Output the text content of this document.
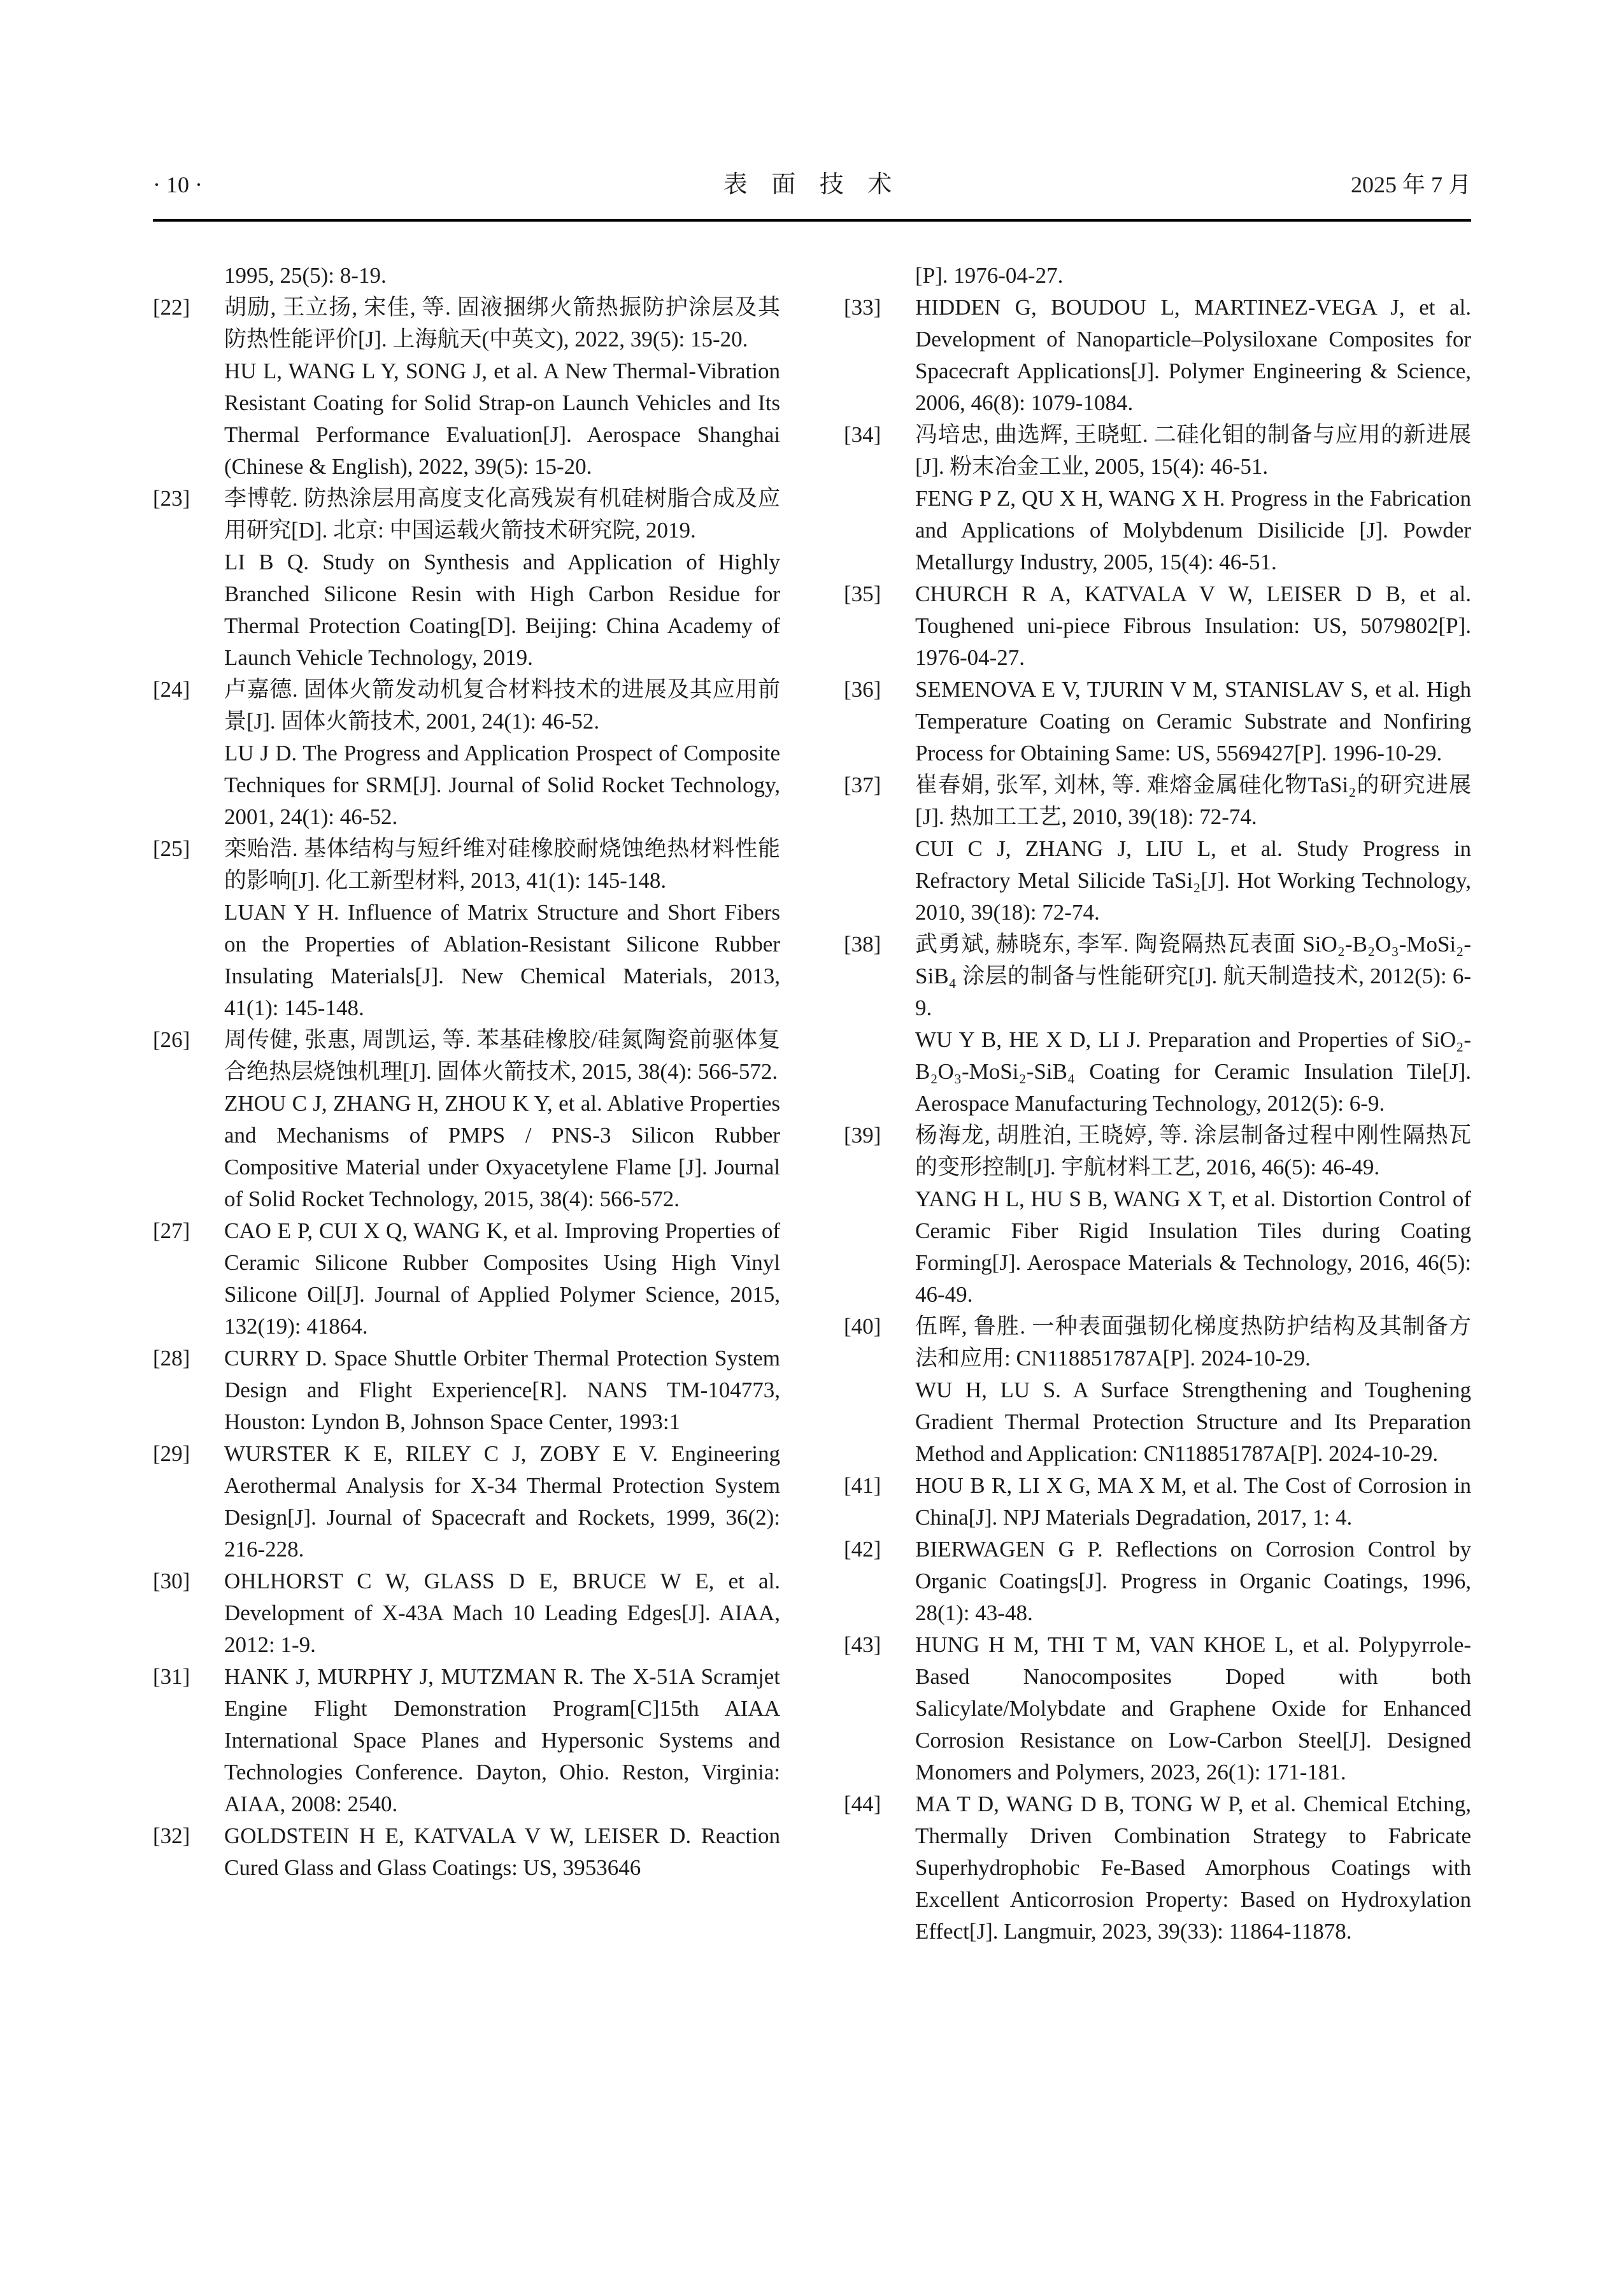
· 10 ·	表 面 技 术	2025 年 7 月

1995, 25(5): 8-19.

[22]	胡励, 王立扬, 宋佳, 等. 固液捆绑火箭热振防护涂层及其防热性能评价[J]. 上海航天(中英文), 2022, 39(5): 15-20.

HU L, WANG L Y, SONG J, et al. A New Thermal-Vibration Resistant Coating for Solid Strap-on Launch Vehicles and Its Thermal Performance Evaluation[J]. Aerospace Shanghai (Chinese & English), 2022, 39(5): 15-20.

[23]	李博乾. 防热涂层用高度支化高残炭有机硅树脂合成及应用研究[D]. 北京: 中国运载火箭技术研究院, 2019.

LI B Q. Study on Synthesis and Application of Highly Branched Silicone Resin with High Carbon Residue for Thermal Protection Coating[D]. Beijing: China Academy of Launch Vehicle Technology, 2019.

[24]	卢嘉德. 固体火箭发动机复合材料技术的进展及其应用前景[J]. 固体火箭技术, 2001, 24(1): 46-52.

LU J D. The Progress and Application Prospect of Composite Techniques for SRM[J]. Journal of Solid Rocket Technology, 2001, 24(1): 46-52.

[25]	栾贻浩. 基体结构与短纤维对硅橡胶耐烧蚀绝热材料性能的影响[J]. 化工新型材料, 2013, 41(1): 145-148.

LUAN Y H. Influence of Matrix Structure and Short Fibers on the Properties of Ablation-Resistant Silicone Rubber Insulating Materials[J]. New Chemical Materials, 2013, 41(1): 145-148.

[26]	周传健, 张惠, 周凯运, 等. 苯基硅橡胶/硅氮陶瓷前驱体复合绝热层烧蚀机理[J]. 固体火箭技术, 2015, 38(4): 566-572.

ZHOU C J, ZHANG H, ZHOU K Y, et al. Ablative Properties and Mechanisms of PMPS / PNS-3 Silicon Rubber Compositive Material under Oxyacetylene Flame [J]. Journal of Solid Rocket Technology, 2015, 38(4): 566-572.

[27]	CAO E P, CUI X Q, WANG K, et al. Improving Properties of Ceramic Silicone Rubber Composites Using High Vinyl Silicone Oil[J]. Journal of Applied Polymer Science, 2015, 132(19): 41864.

[28]	CURRY D. Space Shuttle Orbiter Thermal Protection System Design and Flight Experience[R]. NANS TM-104773, Houston: Lyndon B, Johnson Space Center, 1993:1

[29]	WURSTER K E, RILEY C J, ZOBY E V. Engineering Aerothermal Analysis for X-34 Thermal Protection System Design[J]. Journal of Spacecraft and Rockets, 1999, 36(2): 216-228.

[30]	OHLHORST C W, GLASS D E, BRUCE W E, et al. Development of X-43A Mach 10 Leading Edges[J]. AIAA, 2012: 1-9.

[31]	HANK J, MURPHY J, MUTZMAN R. The X-51A Scramjet Engine Flight Demonstration Program[C]15th AIAA International Space Planes and Hypersonic Systems and Technologies Conference. Dayton, Ohio. Reston, Virginia: AIAA, 2008: 2540.

[32]	GOLDSTEIN H E, KATVALA V W, LEISER D. Reaction Cured Glass and Glass Coatings: US, 3953646

[P]. 1976-04-27.

[33]	HIDDEN G, BOUDOU L, MARTINEZ-VEGA J, et al. Development of Nanoparticle–Polysiloxane Composites for Spacecraft Applications[J]. Polymer Engineering & Science, 2006, 46(8): 1079-1084.

[34]	冯培忠, 曲选辉, 王晓虹. 二硅化钼的制备与应用的新进展[J]. 粉末冶金工业, 2005, 15(4): 46-51.

FENG P Z, QU X H, WANG X H. Progress in the Fabrication and Applications of Molybdenum Disilicide [J]. Powder Metallurgy Industry, 2005, 15(4): 46-51.

[35]	CHURCH R A, KATVALA V W, LEISER D B, et al. Toughened uni-piece Fibrous Insulation: US, 5079802[P]. 1976-04-27.

[36]	SEMENOVA E V, TJURIN V M, STANISLAV S, et al. High Temperature Coating on Ceramic Substrate and Nonfiring Process for Obtaining Same: US, 5569427[P]. 1996-10-29.

[37]	崔春娟, 张军, 刘林, 等. 难熔金属硅化物TaSi₂的研究进展[J]. 热加工工艺, 2010, 39(18): 72-74.

CUI C J, ZHANG J, LIU L, et al. Study Progress in Refractory Metal Silicide TaSi₂[J]. Hot Working Technology, 2010, 39(18): 72-74.

[38]	武勇斌, 赫晓东, 李军. 陶瓷隔热瓦表面 SiO₂-B₂O₃-MoSi₂-SiB₄ 涂层的制备与性能研究[J]. 航天制造技术, 2012(5): 6-9.

WU Y B, HE X D, LI J. Preparation and Properties of SiO₂-B₂O₃-MoSi₂-SiB₄ Coating for Ceramic Insulation Tile[J]. Aerospace Manufacturing Technology, 2012(5): 6-9.

[39]	杨海龙, 胡胜泊, 王晓婷, 等. 涂层制备过程中刚性隔热瓦的变形控制[J]. 宇航材料工艺, 2016, 46(5): 46-49.

YANG H L, HU S B, WANG X T, et al. Distortion Control of Ceramic Fiber Rigid Insulation Tiles during Coating Forming[J]. Aerospace Materials & Technology, 2016, 46(5): 46-49.

[40]	伍晖, 鲁胜. 一种表面强韧化梯度热防护结构及其制备方法和应用: CN118851787A[P]. 2024-10-29.

WU H, LU S. A Surface Strengthening and Toughening Gradient Thermal Protection Structure and Its Preparation Method and Application: CN118851787A[P]. 2024-10-29.

[41]	HOU B R, LI X G, MA X M, et al. The Cost of Corrosion in China[J]. NPJ Materials Degradation, 2017, 1: 4.

[42]	BIERWAGEN G P. Reflections on Corrosion Control by Organic Coatings[J]. Progress in Organic Coatings, 1996, 28(1): 43-48.

[43]	HUNG H M, THI T M, VAN KHOE L, et al. Polypyrrole-Based Nanocomposites Doped with both Salicylate/Molybdate and Graphene Oxide for Enhanced Corrosion Resistance on Low-Carbon Steel[J]. Designed Monomers and Polymers, 2023, 26(1): 171-181.

[44]	MA T D, WANG D B, TONG W P, et al. Chemical Etching, Thermally Driven Combination Strategy to Fabricate Superhydrophobic Fe-Based Amorphous Coatings with Excellent Anticorrosion Property: Based on Hydroxylation Effect[J]. Langmuir, 2023, 39(33): 11864-11878.
